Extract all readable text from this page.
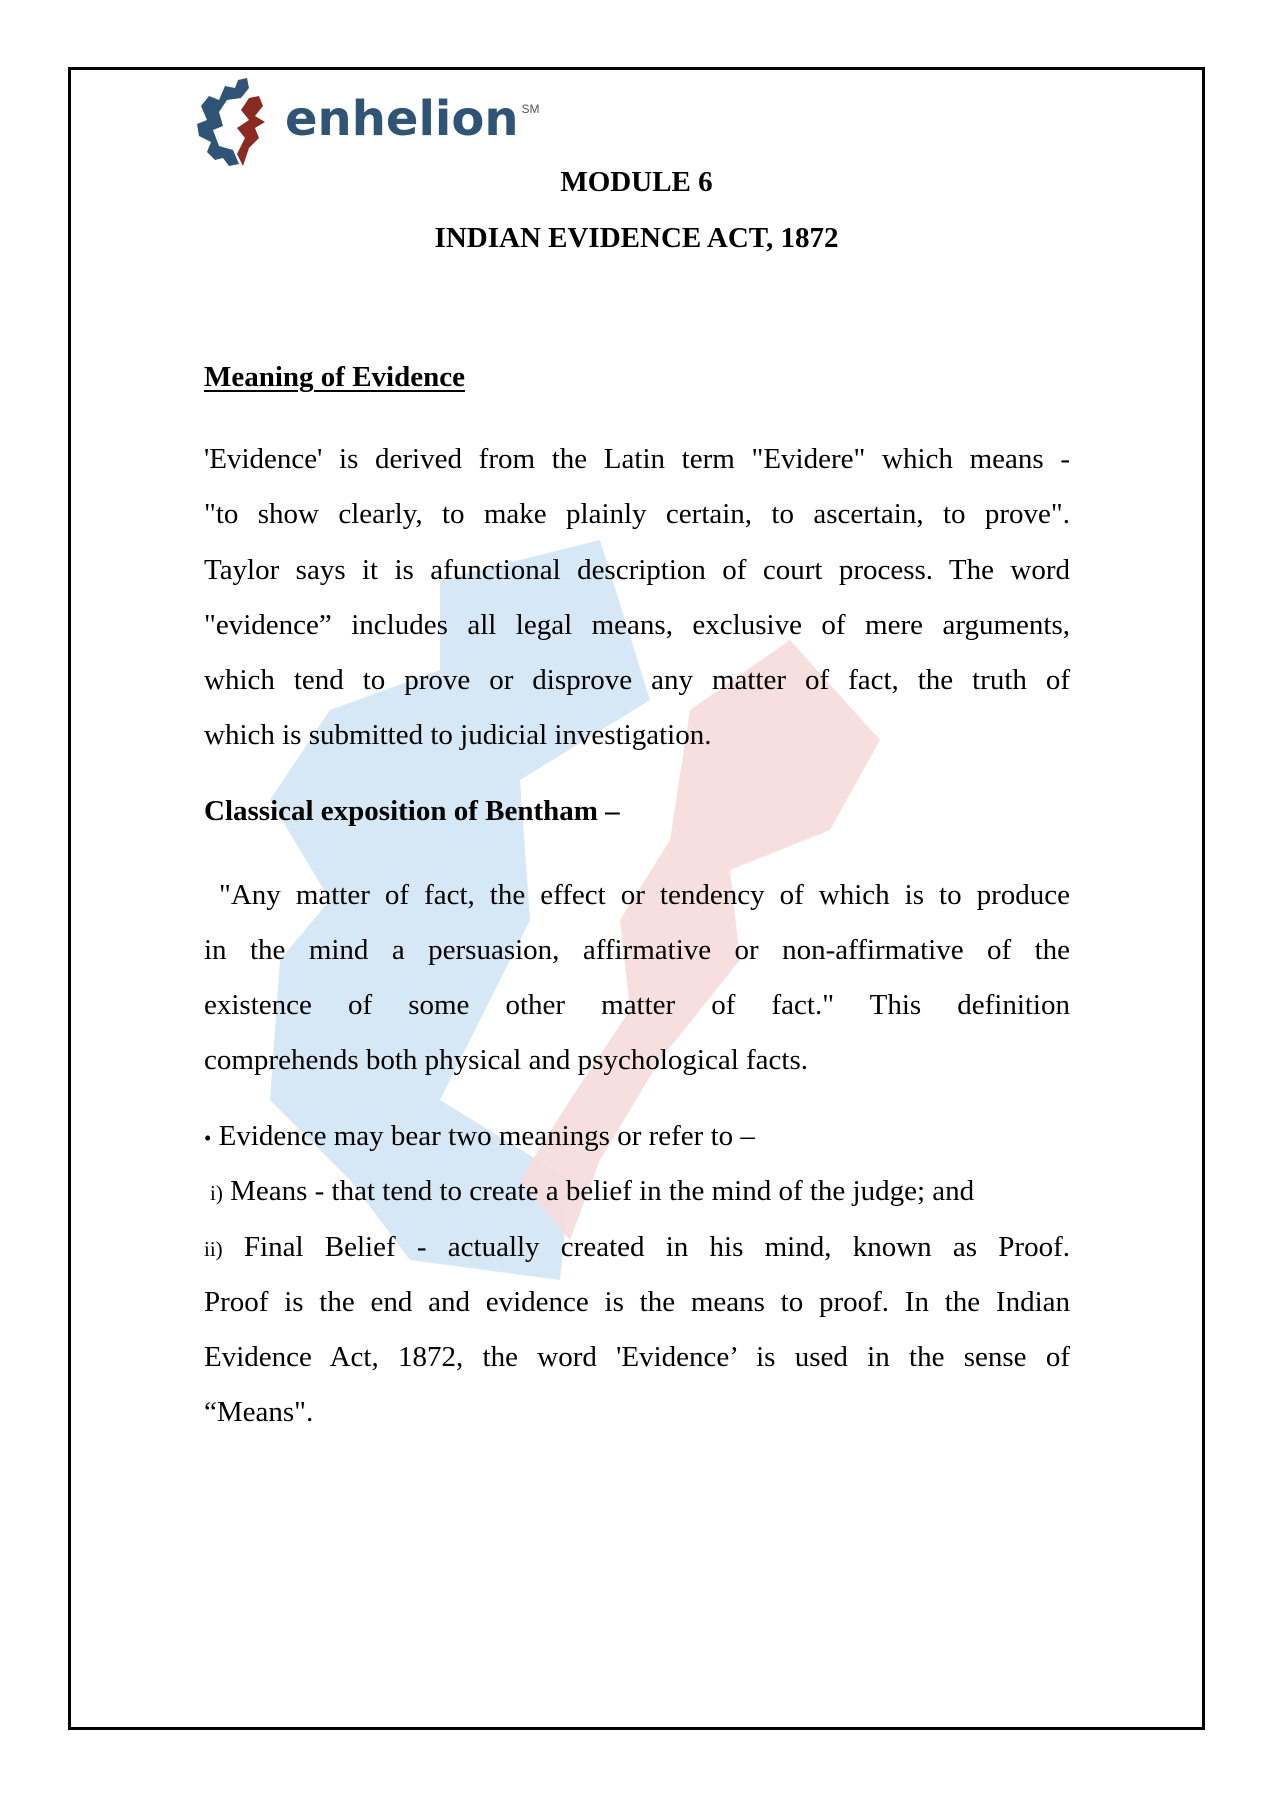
enhelion SM
MODULE 6
INDIAN EVIDENCE ACT, 1872
Meaning of Evidence
'Evidence' is derived from the Latin term "Evidere" which means -
"to show clearly, to make plainly certain, to ascertain, to prove".
Taylor says it is afunctional description of court process. The word
"evidence” includes all legal means, exclusive of mere arguments,
which tend to prove or disprove any matter of fact, the truth of
which is submitted to judicial investigation.
Classical exposition of Bentham –
"Any matter of fact, the effect or tendency of which is to produce
in the mind a persuasion, affirmative or non-affirmative of the
existence of some other matter of fact." This definition
comprehends both physical and psychological facts.
• Evidence may bear two meanings or refer to –
i) Means - that tend to create a belief in the mind of the judge; and
ii) Final Belief - actually created in his mind, known as Proof.
Proof is the end and evidence is the means to proof. In the Indian
Evidence Act, 1872, the word 'Evidence’ is used in the sense of
“Means".
